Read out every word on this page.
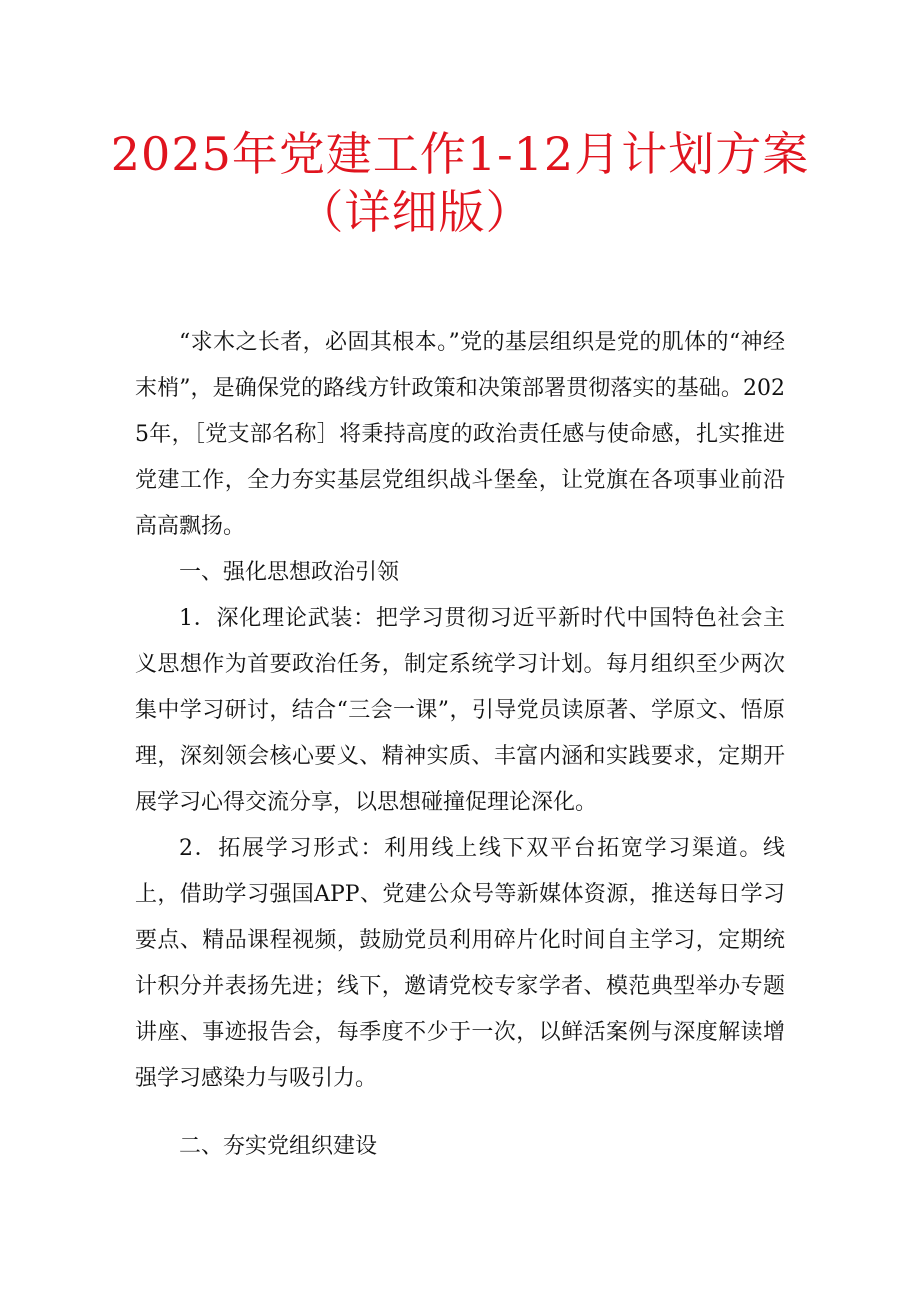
2025年党建工作1-12月计划方案
（详细版）

“求木之长者，必固其根本。”党的基层组织是党的肌体的“神经末梢”，是确保党的路线方针政策和决策部署贯彻落实的基础。2025年，［党支部名称］将秉持高度的政治责任感与使命感，扎实推进党建工作，全力夯实基层党组织战斗堡垒，让党旗在各项事业前沿高高飘扬。

一、强化思想政治引领

1．深化理论武装：把学习贯彻习近平新时代中国特色社会主义思想作为首要政治任务，制定系统学习计划。每月组织至少两次集中学习研讨，结合“三会一课”，引导党员读原著、学原文、悟原理，深刻领会核心要义、精神实质、丰富内涵和实践要求，定期开展学习心得交流分享，以思想碰撞促理论深化。

2．拓展学习形式：利用线上线下双平台拓宽学习渠道。线上，借助学习强国APP、党建公众号等新媒体资源，推送每日学习要点、精品课程视频，鼓励党员利用碎片化时间自主学习，定期统计积分并表扬先进；线下，邀请党校专家学者、模范典型举办专题讲座、事迹报告会，每季度不少于一次，以鲜活案例与深度解读增强学习感染力与吸引力。

二、夯实党组织建设
